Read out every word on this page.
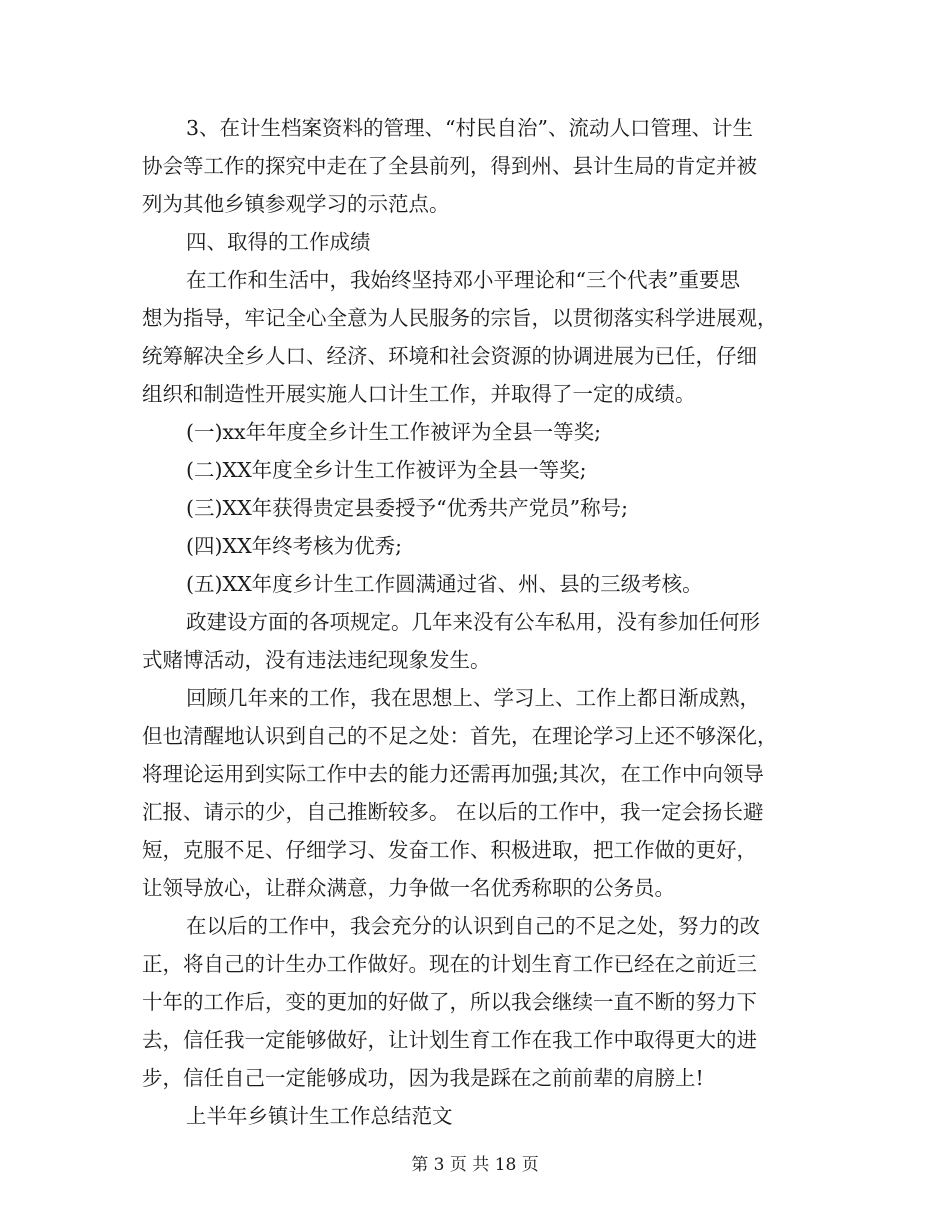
3、在计生档案资料的管理、“村民自治”、流动人口管理、计生
协会等工作的探究中走在了全县前列，得到州、县计生局的肯定并被
列为其他乡镇参观学习的示范点。
四、取得的工作成绩
在工作和生活中，我始终坚持邓小平理论和“三个代表”重要思
想为指导，牢记全心全意为人民服务的宗旨，以贯彻落实科学进展观，
统筹解决全乡人口、经济、环境和社会资源的协调进展为已任，仔细
组织和制造性开展实施人口计生工作，并取得了一定的成绩。
(一)xx年年度全乡计生工作被评为全县一等奖;
(二)XX年度全乡计生工作被评为全县一等奖;
(三)XX年获得贵定县委授予“优秀共产党员”称号;
(四)XX年终考核为优秀;
(五)XX年度乡计生工作圆满通过省、州、县的三级考核。
政建设方面的各项规定。几年来没有公车私用，没有参加任何形
式赌博活动，没有违法违纪现象发生。
回顾几年来的工作，我在思想上、学习上、工作上都日渐成熟，
但也清醒地认识到自己的不足之处：首先，在理论学习上还不够深化，
将理论运用到实际工作中去的能力还需再加强;其次，在工作中向领导
汇报、请示的少，自己推断较多。 在以后的工作中，我一定会扬长避
短，克服不足、仔细学习、发奋工作、积极进取，把工作做的更好，
让领导放心，让群众满意，力争做一名优秀称职的公务员。
在以后的工作中，我会充分的认识到自己的不足之处，努力的改
正，将自己的计生办工作做好。现在的计划生育工作已经在之前近三
十年的工作后，变的更加的好做了，所以我会继续一直不断的努力下
去，信任我一定能够做好，让计划生育工作在我工作中取得更大的进
步，信任自己一定能够成功，因为我是踩在之前前辈的肩膀上!
上半年乡镇计生工作总结范文
第 3 页 共 18 页
